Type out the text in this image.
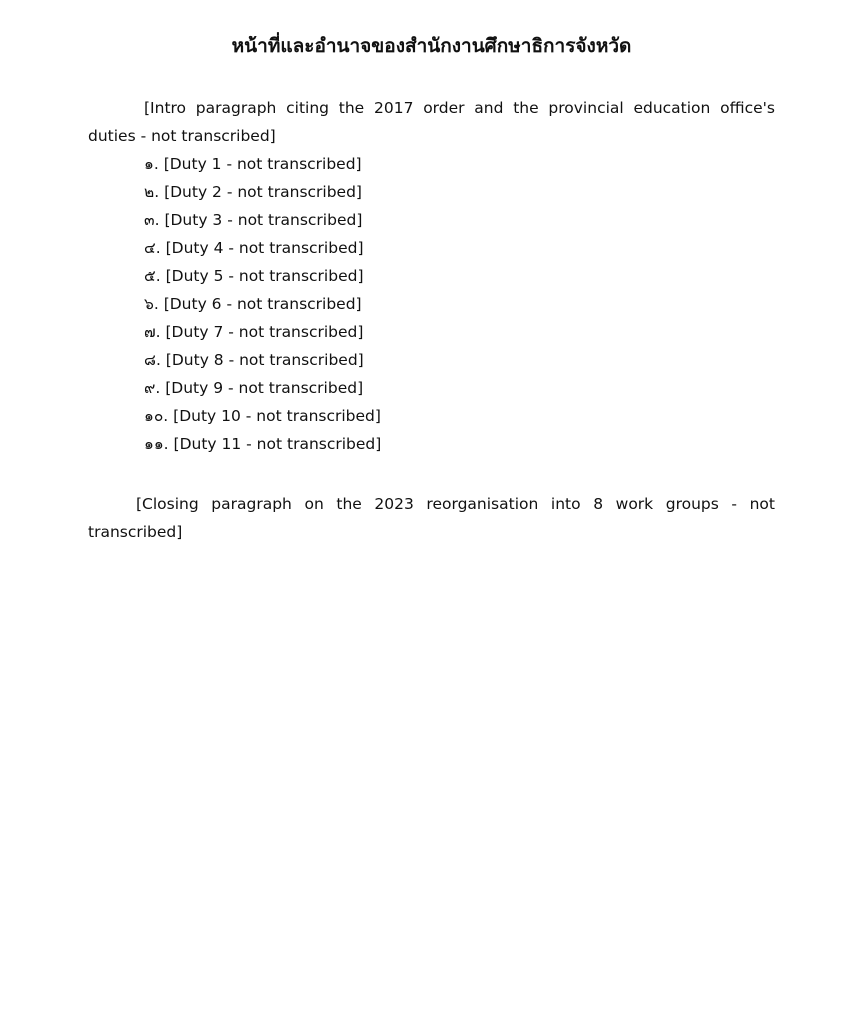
หน้าที่และอำนาจของสำนักงานศึกษาธิการจังหวัด

[Intro paragraph citing the 2017 order and the provincial education office's duties - not transcribed]

๑. [Duty 1 - not transcribed]
๒. [Duty 2 - not transcribed]
๓. [Duty 3 - not transcribed]
๔. [Duty 4 - not transcribed]
๕. [Duty 5 - not transcribed]
๖. [Duty 6 - not transcribed]
๗. [Duty 7 - not transcribed]
๘. [Duty 8 - not transcribed]
๙. [Duty 9 - not transcribed]
๑๐. [Duty 10 - not transcribed]
๑๑. [Duty 11 - not transcribed]

[Closing paragraph on the 2023 reorganisation into 8 work groups - not transcribed]
